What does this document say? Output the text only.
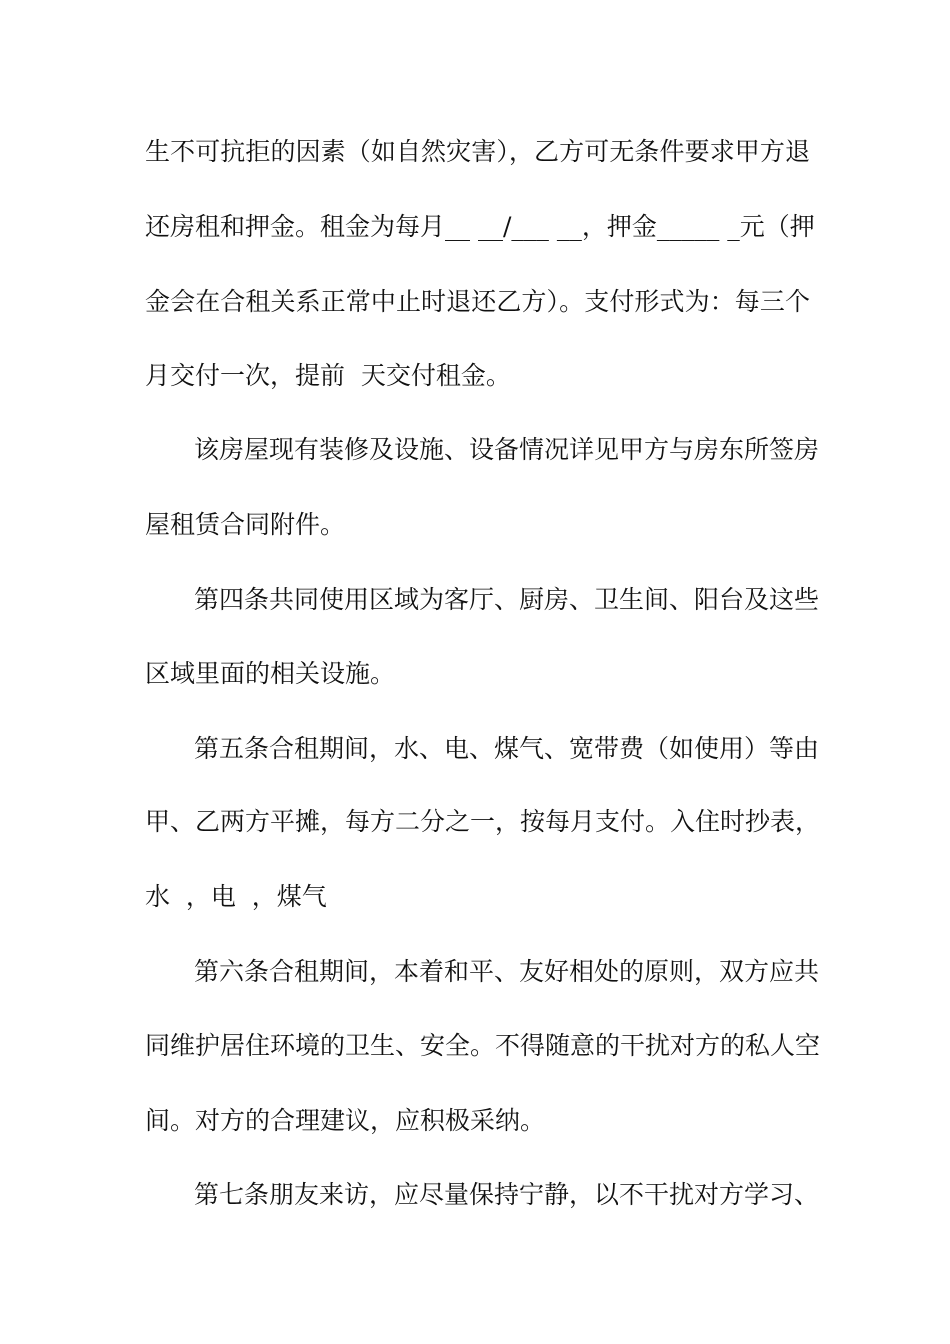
生不可抗拒的因素（如自然灾害），乙方可无条件要求甲方退

还房租和押金。租金为每月__ __/___ __，押金_____ _元（押

金会在合租关系正常中止时退还乙方）。支付形式为：每三个

月交付一次，提前  天交付租金。

该房屋现有装修及设施、设备情况详见甲方与房东所签房

屋租赁合同附件。

第四条共同使用区域为客厅、厨房、卫生间、阳台及这些

区域里面的相关设施。

第五条合租期间，水、电、煤气、宽带费（如使用）等由

甲、乙两方平摊，每方二分之一，按每月支付。入住时抄表，

水  ，电  ，煤气

第六条合租期间，本着和平、友好相处的原则，双方应共

同维护居住环境的卫生、安全。不得随意的干扰对方的私人空

间。对方的合理建议，应积极采纳。

第七条朋友来访，应尽量保持宁静，以不干扰对方学习、
